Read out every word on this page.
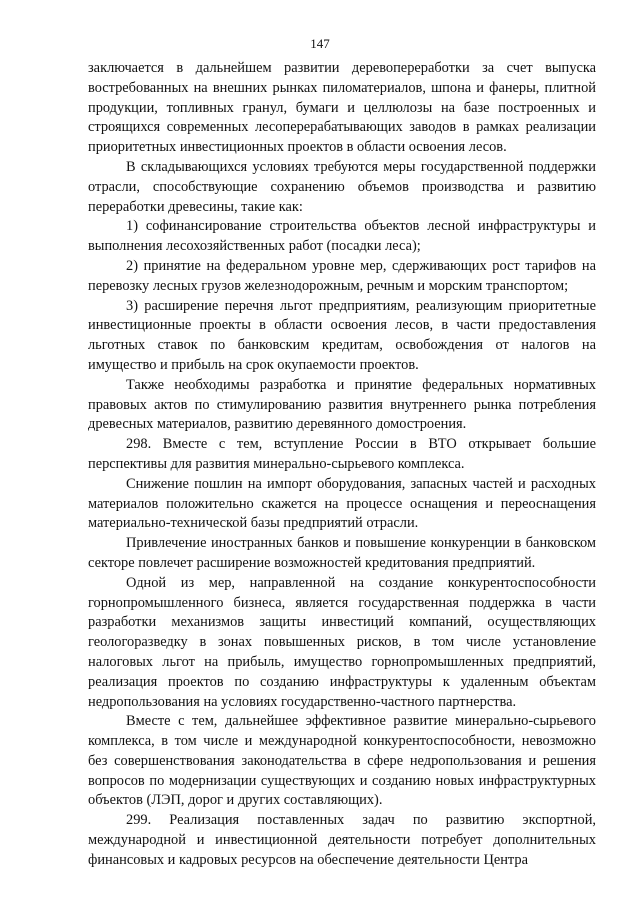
147

заключается в дальнейшем развитии деревопереработки за счет выпуска востребованных на внешних рынках пиломатериалов, шпона и фанеры, плитной продукции, топливных гранул, бумаги и целлюлозы на базе построенных и строящихся современных лесоперерабатывающих заводов в рамках реализации приоритетных инвестиционных проектов в области освоения лесов.

В складывающихся условиях требуются меры государственной поддержки отрасли, способствующие сохранению объемов производства и развитию переработки древесины, такие как:

1) софинансирование строительства объектов лесной инфраструктуры и выполнения лесохозяйственных работ (посадки леса);

2) принятие на федеральном уровне мер, сдерживающих рост тарифов на перевозку лесных грузов железнодорожным, речным и морским транспортом;

3) расширение перечня льгот предприятиям, реализующим приоритетные инвестиционные проекты в области освоения лесов, в части предоставления льготных ставок по банковским кредитам, освобождения от налогов на имущество и прибыль на срок окупаемости проектов.

Также необходимы разработка и принятие федеральных нормативных правовых актов по стимулированию развития внутреннего рынка потребления древесных материалов, развитию деревянного домостроения.

298. Вместе с тем, вступление России в ВТО открывает большие перспективы для развития минерально-сырьевого комплекса.

Снижение пошлин на импорт оборудования, запасных частей и расходных материалов положительно скажется на процессе оснащения и переоснащения материально-технической базы предприятий отрасли.

Привлечение иностранных банков и повышение конкуренции в банковском секторе повлечет расширение возможностей кредитования предприятий.

Одной из мер, направленной на создание конкурентоспособности горнопромышленного бизнеса, является государственная поддержка в части разработки механизмов защиты инвестиций компаний, осуществляющих геологоразведку в зонах повышенных рисков, в том числе установление налоговых льгот на прибыль, имущество горнопромышленных предприятий, реализация проектов по созданию инфраструктуры к удаленным объектам недропользования на условиях государственно-частного партнерства.

Вместе с тем, дальнейшее эффективное развитие минерально-сырьевого комплекса, в том числе и международной конкурентоспособности, невозможно без совершенствования законодательства в сфере недропользования и решения вопросов по модернизации существующих и созданию новых инфраструктурных объектов (ЛЭП, дорог и других составляющих).

299. Реализация поставленных задач по развитию экспортной, международной и инвестиционной деятельности потребует дополнительных финансовых и кадровых ресурсов на обеспечение деятельности Центра
